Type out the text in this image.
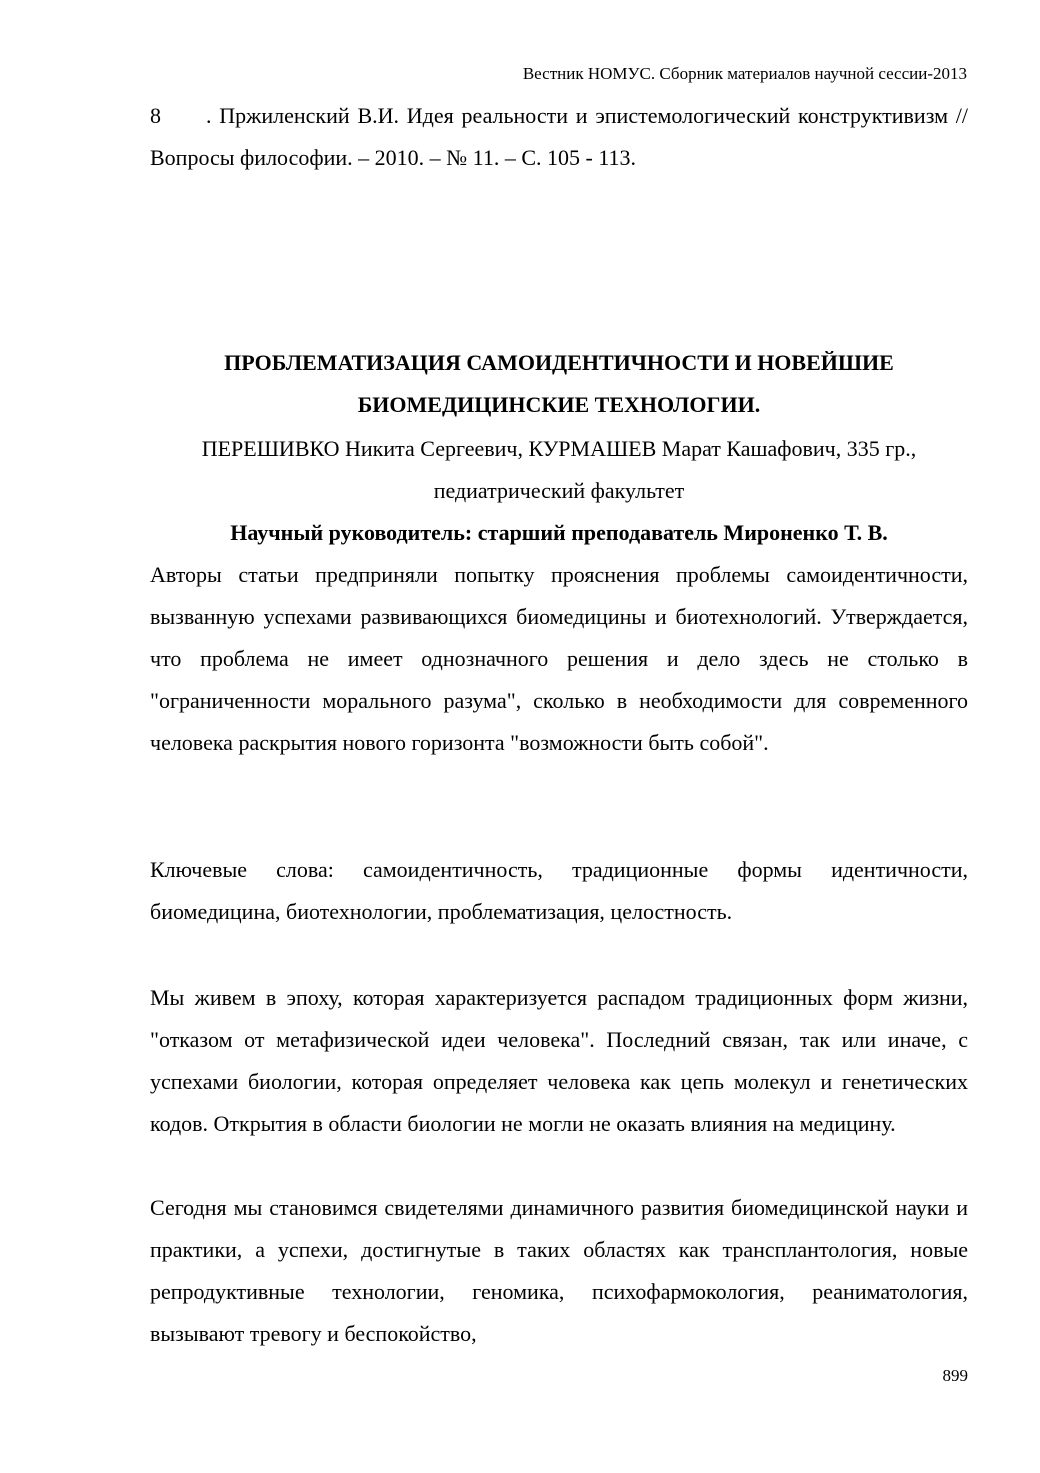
Вестник НОМУС. Сборник материалов научной сессии-2013

8 . Пржиленский В.И. Идея реальности и эпистемологический конструктивизм // Вопросы философии. – 2010. – № 11. – С. 105 - 113.

ПРОБЛЕМАТИЗАЦИЯ САМОИДЕНТИЧНОСТИ И НОВЕЙШИЕ
БИОМЕДИЦИНСКИЕ ТЕХНОЛОГИИ.
ПЕРЕШИВКО Никита Сергеевич, КУРМАШЕВ Марат Кашафович, 335 гр.,
педиатрический факультет
Научный руководитель: старший преподаватель Мироненко Т. В.

Авторы статьи предприняли попытку прояснения проблемы самоидентичности, вызванную успехами развивающихся биомедицины и биотехнологий. Утверждается, что проблема не имеет однозначного решения и дело здесь не столько в "ограниченности морального разума", сколько в необходимости для современного человека раскрытия нового горизонта "возможности быть собой".

Ключевые слова: самоидентичность, традиционные формы идентичности, биомедицина, биотехнологии, проблематизация, целостность.

Мы живем в эпоху, которая характеризуется распадом традиционных форм жизни, "отказом от метафизической идеи человека". Последний связан, так или иначе, с успехами биологии, которая определяет человека как цепь молекул и генетических кодов. Открытия в области биологии не могли не оказать влияния на медицину.

Сегодня мы становимся свидетелями динамичного развития биомедицинской науки и практики, а успехи, достигнутые в таких областях как трансплантология, новые репродуктивные технологии, геномика, психофармокология, реаниматология, вызывают тревогу и беспокойство,

899
